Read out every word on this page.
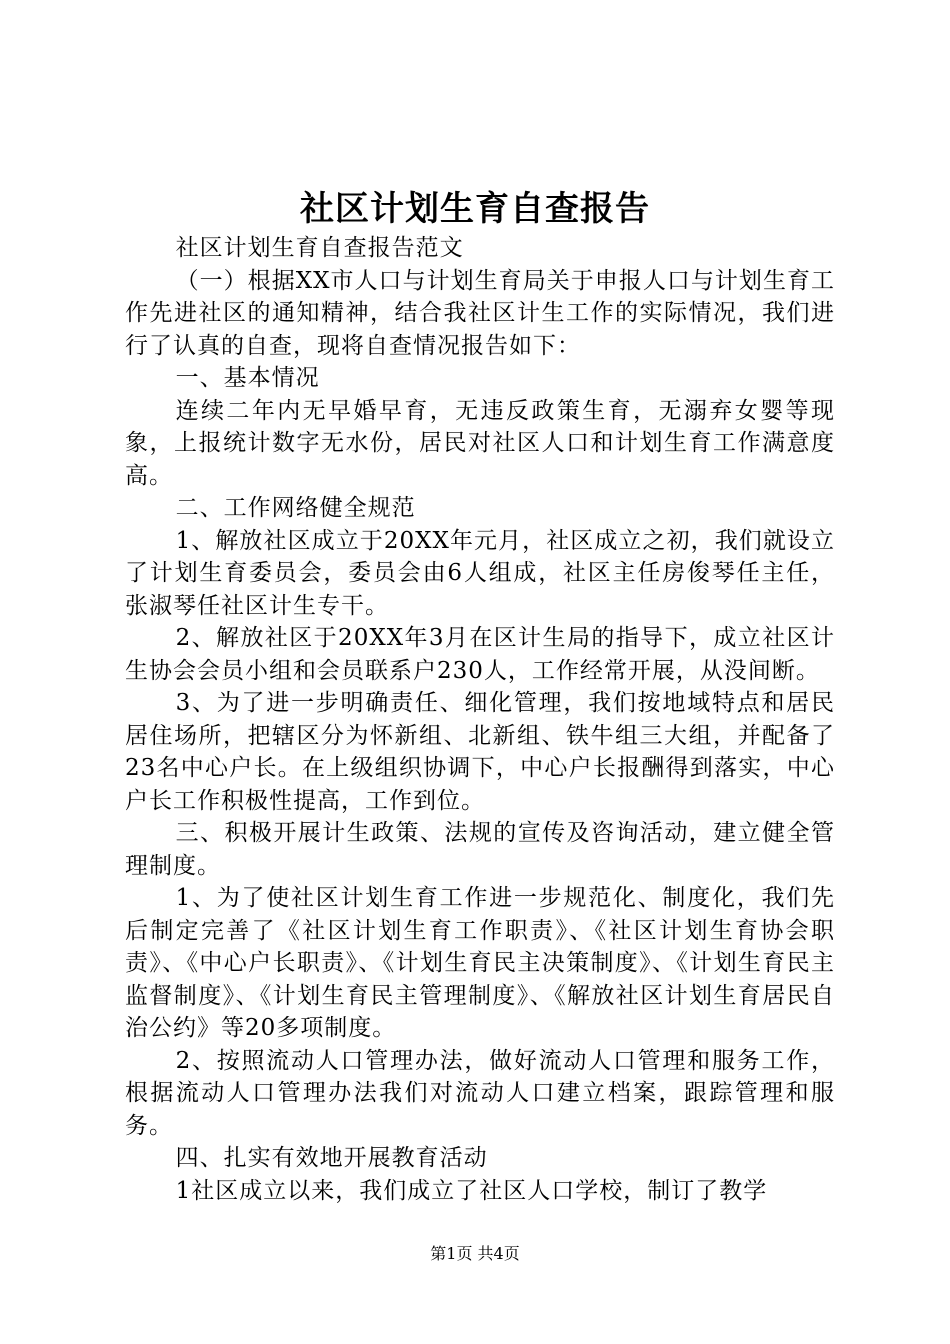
社区计划生育自查报告

社区计划生育自查报告范文

（一）根据XX市人口与计划生育局关于申报人口与计划生育工作先进社区的通知精神，结合我社区计生工作的实际情况，我们进行了认真的自查，现将自查情况报告如下：

一、基本情况

连续二年内无早婚早育，无违反政策生育，无溺弃女婴等现象，上报统计数字无水份，居民对社区人口和计划生育工作满意度高。

二、工作网络健全规范

1、解放社区成立于20XX年元月，社区成立之初，我们就设立了计划生育委员会，委员会由6人组成，社区主任房俊琴任主任，张淑琴任社区计生专干。

2、解放社区于20XX年3月在区计生局的指导下，成立社区计生协会会员小组和会员联系户230人，工作经常开展，从没间断。

3、为了进一步明确责任、细化管理，我们按地域特点和居民居住场所，把辖区分为怀新组、北新组、铁牛组三大组，并配备了23名中心户长。在上级组织协调下，中心户长报酬得到落实，中心户长工作积极性提高，工作到位。

三、积极开展计生政策、法规的宣传及咨询活动，建立健全管理制度。

1、为了使社区计划生育工作进一步规范化、制度化，我们先后制定完善了《社区计划生育工作职责》、《社区计划生育协会职责》、《中心户长职责》、《计划生育民主决策制度》、《计划生育民主监督制度》、《计划生育民主管理制度》、《解放社区计划生育居民自治公约》等20多项制度。

2、按照流动人口管理办法，做好流动人口管理和服务工作，根据流动人口管理办法我们对流动人口建立档案，跟踪管理和服务。

四、扎实有效地开展教育活动

1社区成立以来，我们成立了社区人口学校，制订了教学

第1页 共4页
